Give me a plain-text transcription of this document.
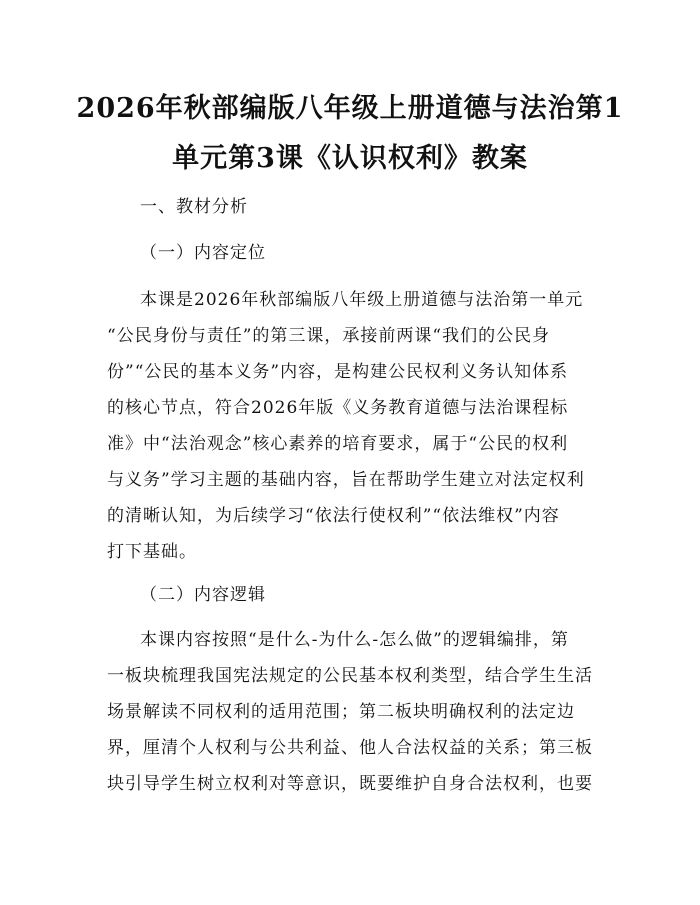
2026年秋部编版八年级上册道德与法治第1
单元第3课《认识权利》教案
一、教材分析
（一）内容定位
本课是2026年秋部编版八年级上册道德与法治第一单元
“公民身份与责任”的第三课，承接前两课“我们的公民身
份”“公民的基本义务”内容，是构建公民权利义务认知体系
的核心节点，符合2026年版《义务教育道德与法治课程标
准》中“法治观念”核心素养的培育要求，属于“公民的权利
与义务”学习主题的基础内容，旨在帮助学生建立对法定权利
的清晰认知，为后续学习“依法行使权利”“依法维权”内容
打下基础。
（二）内容逻辑
本课内容按照“是什么-为什么-怎么做”的逻辑编排，第
一板块梳理我国宪法规定的公民基本权利类型，结合学生生活
场景解读不同权利的适用范围；第二板块明确权利的法定边
界，厘清个人权利与公共利益、他人合法权益的关系；第三板
块引导学生树立权利对等意识，既要维护自身合法权利，也要
